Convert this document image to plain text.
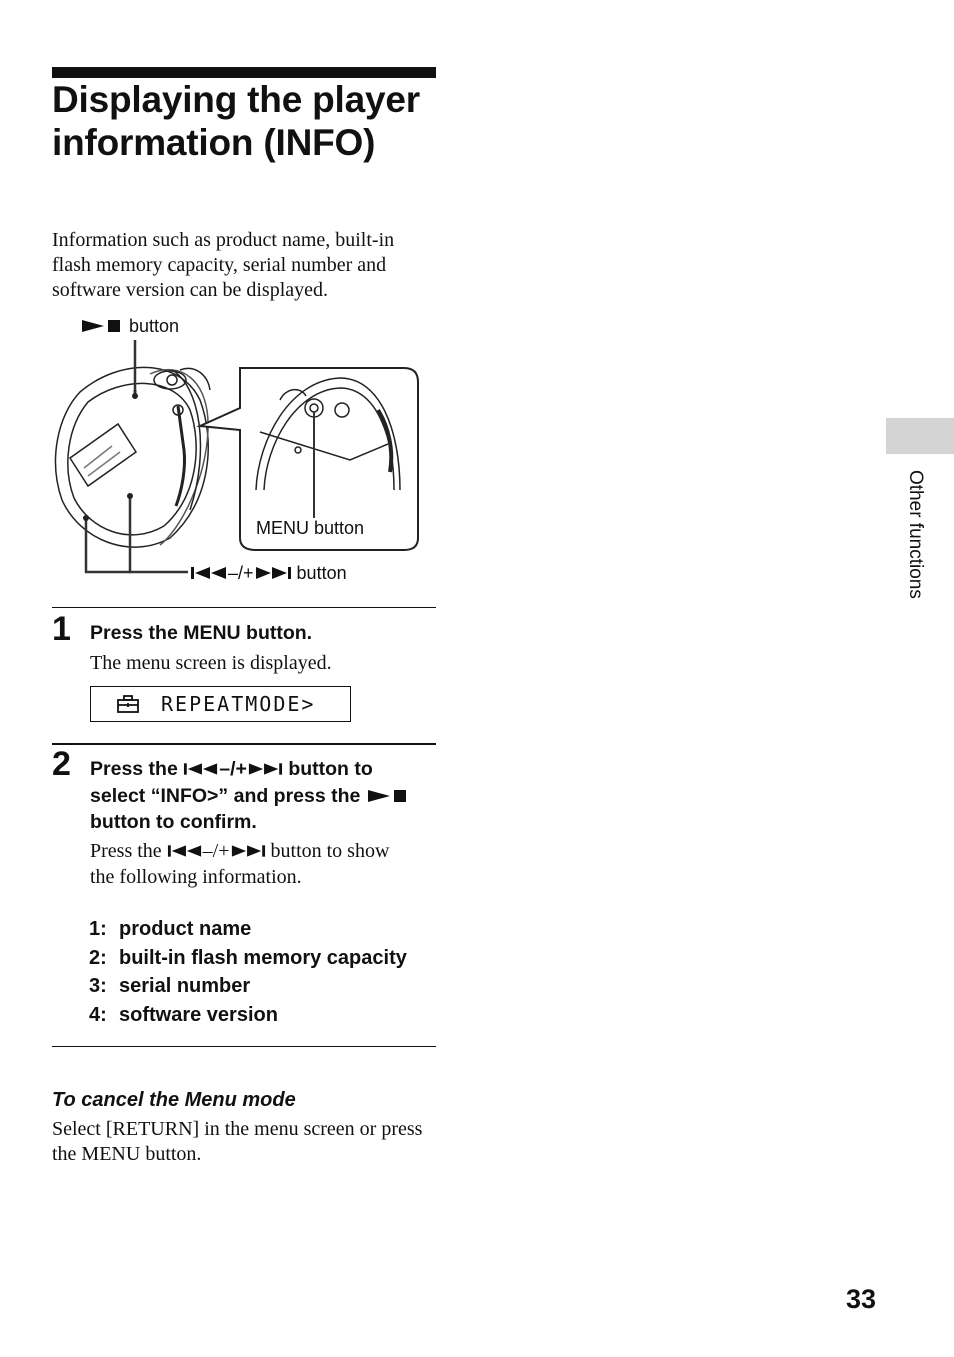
Displaying the player information (INFO)

Information such as product name, built-in flash memory capacity, serial number and software version can be displayed.

button
MENU button
–/+ button
1 Press the MENU button.

The menu screen is displayed.

REPEATMODE>
2 Press the –/+ button to
select “INFO>” and press the
button to confirm.

Press the –/+ button to show
the following information.

1: product name
2: built-in flash memory capacity
3: serial number
4: software version

To cancel the Menu mode

Select [RETURN] in the menu screen or press the MENU button.

Other functions
33
